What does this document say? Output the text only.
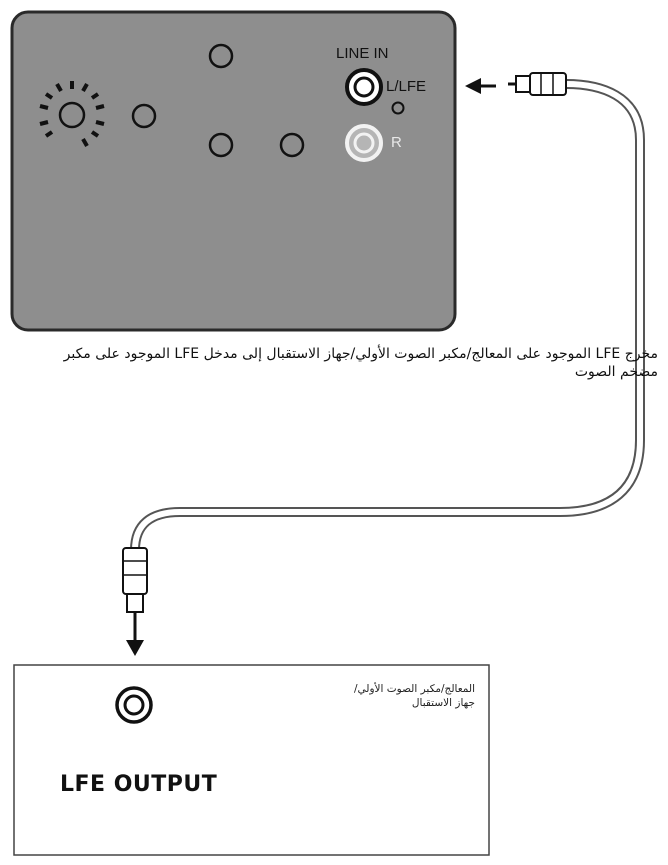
LINE IN
L/LFE
R
مخرج LFE الموجود على المعالج/مكبر الصوت الأولي/جهاز الاستقبال إلى مدخل LFE الموجود على مكبر مضخم الصوت
المعالج/مكبر الصوت الأولي/
جهاز الاستقبال
LFE OUTPUT
